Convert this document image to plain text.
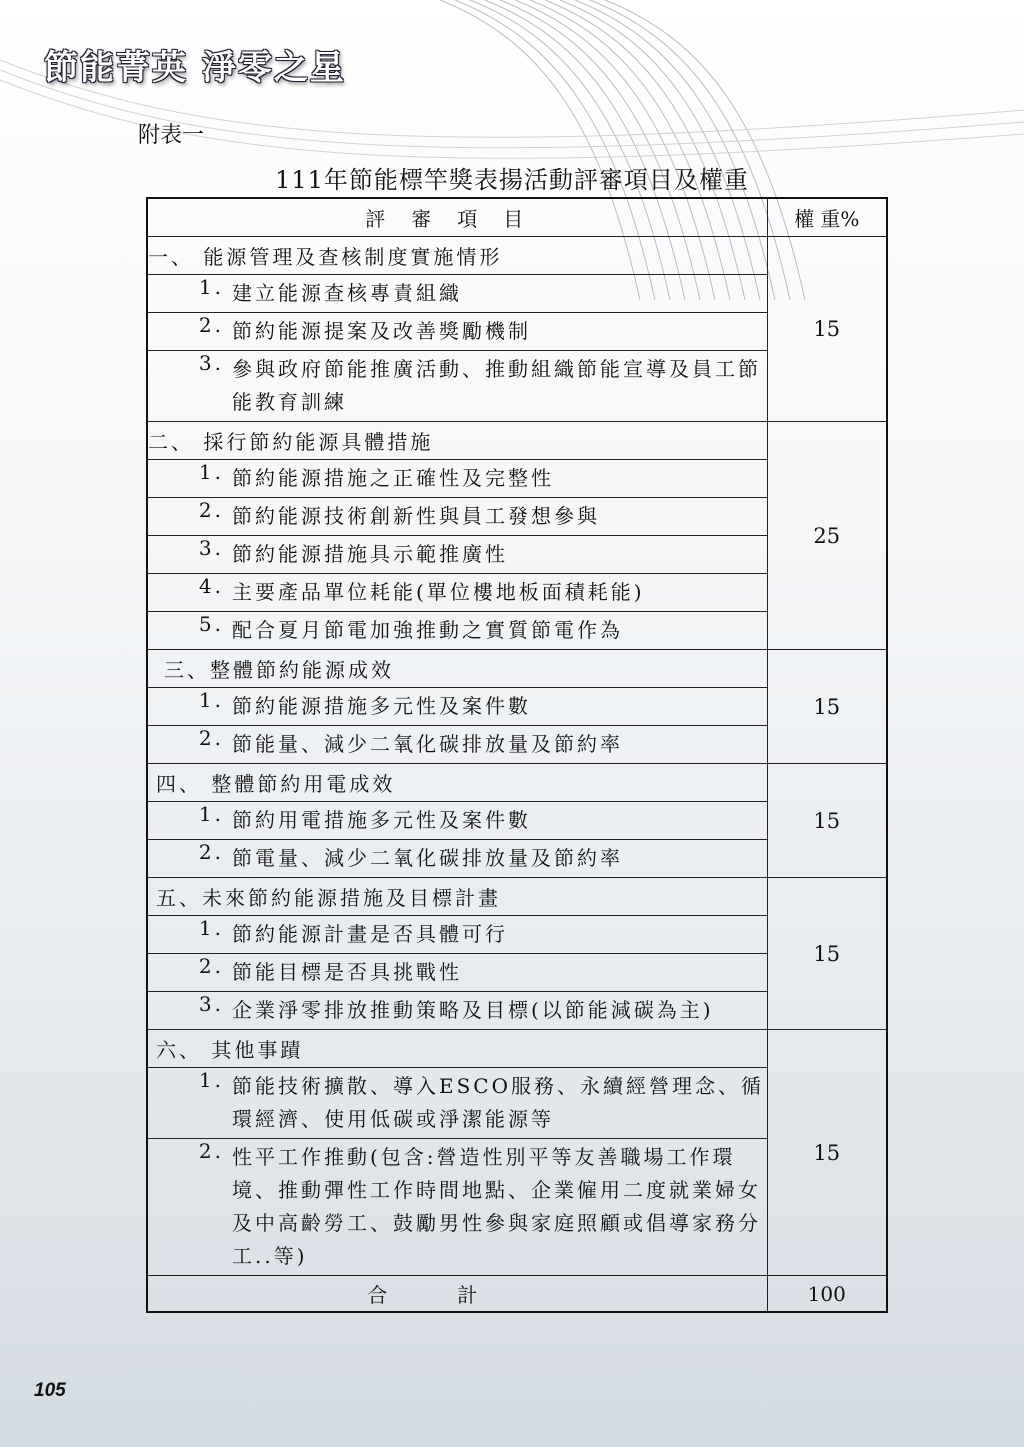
節能菁英 淨零之星
附表一
111年節能標竿獎表揚活動評審項目及權重
評審項目	權 重%
一、 能源管理及查核制度實施情形	15

1. 建立能源查核專責組織	

2. 節約能源提案及改善獎勵機制	

3. 參與政府節能推廣活動、推動組織節能宣導及員工節能教育訓練	

二、 採行節約能源具體措施	25

1. 節約能源措施之正確性及完整性	

2. 節約能源技術創新性與員工發想參與	

3. 節約能源措施具示範推廣性	

4. 主要產品單位耗能(單位樓地板面積耗能)	

5. 配合夏月節電加強推動之實質節電作為	

三、整體節約能源成效	15

1. 節約能源措施多元性及案件數	

2. 節能量、減少二氧化碳排放量及節約率	

四、 整體節約用電成效	15

1. 節約用電措施多元性及案件數	

2. 節電量、減少二氧化碳排放量及節約率	

五、未來節約能源措施及目標計畫	15

1. 節約能源計畫是否具體可行	

2. 節能目標是否具挑戰性	

3. 企業淨零排放推動策略及目標(以節能減碳為主)	

六、 其他事蹟	15

1. 節能技術擴散、導入ESCO服務、永續經營理念、循環經濟、使用低碳或淨潔能源等	

2. 性平工作推動(包含:營造性別平等友善職場工作環境、推動彈性工作時間地點、企業僱用二度就業婦女及中高齡勞工、鼓勵男性參與家庭照顧或倡導家務分工..等)	

合計	100
105
